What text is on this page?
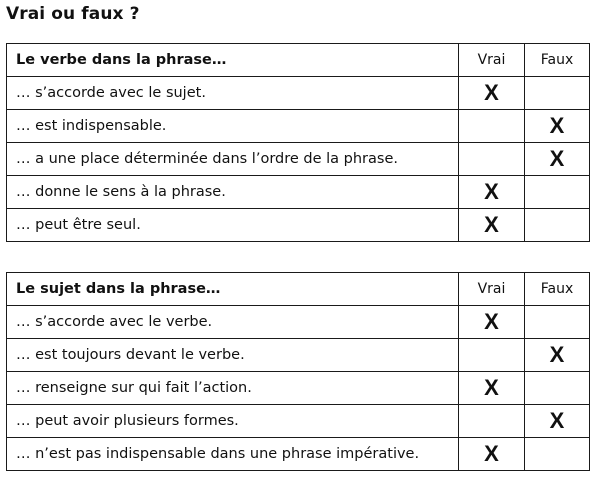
Vrai ou faux ?
Le verbe dans la phrase…	Vrai	Faux
… s’accorde avec le sujet.	X	
… est indispensable.		X
… a une place déterminée dans l’ordre de la phrase.		X
… donne le sens à la phrase.	X	
… peut être seul.	X	
Le sujet dans la phrase…	Vrai	Faux
… s’accorde avec le verbe.	X	
… est toujours devant le verbe.		X
… renseigne sur qui fait l’action.	X	
… peut avoir plusieurs formes.		X
… n’est pas indispensable dans une phrase impérative.	X	
